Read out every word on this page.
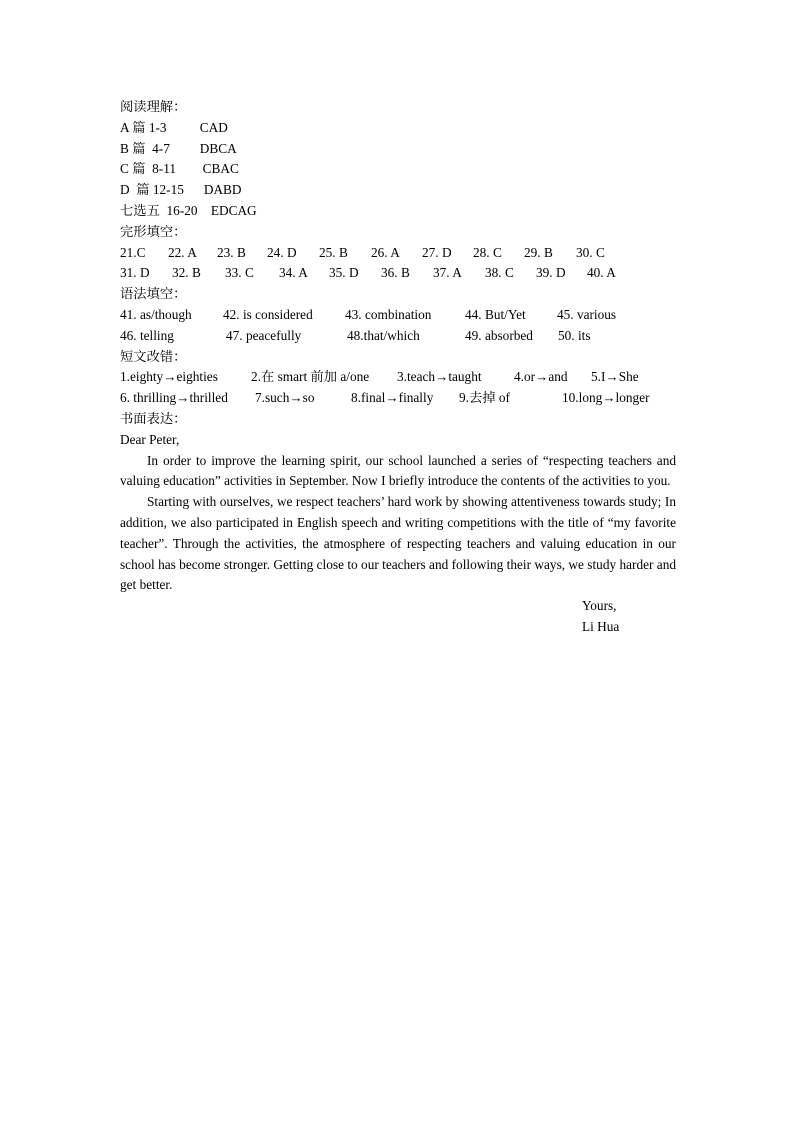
阅读理解：
A 篇 1-3          CAD
B 篇  4-7         DBCA
C 篇  8-11        CBAC
D  篇 12-15      DABD
七选五  16-20    EDCAG
完形填空：
21.C	22. A	23. B	24. D	25. B	26. A	27. D	28. C	29. B	30. C
31. D	32. B	33. C	34. A	35. D	36. B	37. A	38. C	39. D	40. A
语法填空：
41. as/though	42. is considered	43. combination	44. But/Yet	45. various
46. telling	47. peacefully	48.that/which	49. absorbed	50. its
短文改错：
1.eighty→eighties	2.在 smart 前加 a/one	3.teach→taught	4.or→and	5.I→She
6. thrilling→thrilled	7.such→so	8.final→finally	9.去掉 of	10.long→longer
书面表达：
Dear Peter,
In order to improve the learning spirit, our school launched a series of “respecting teachers and valuing education” activities in September. Now I briefly introduce the contents of the activities to you.
Starting with ourselves, we respect teachers’ hard work by showing attentiveness towards study; In addition, we also participated in English speech and writing competitions with the title of “my favorite teacher”. Through the activities, the atmosphere of respecting teachers and valuing education in our school has become stronger. Getting close to our teachers and following their ways, we study harder and get better.
Yours,
Li Hua
